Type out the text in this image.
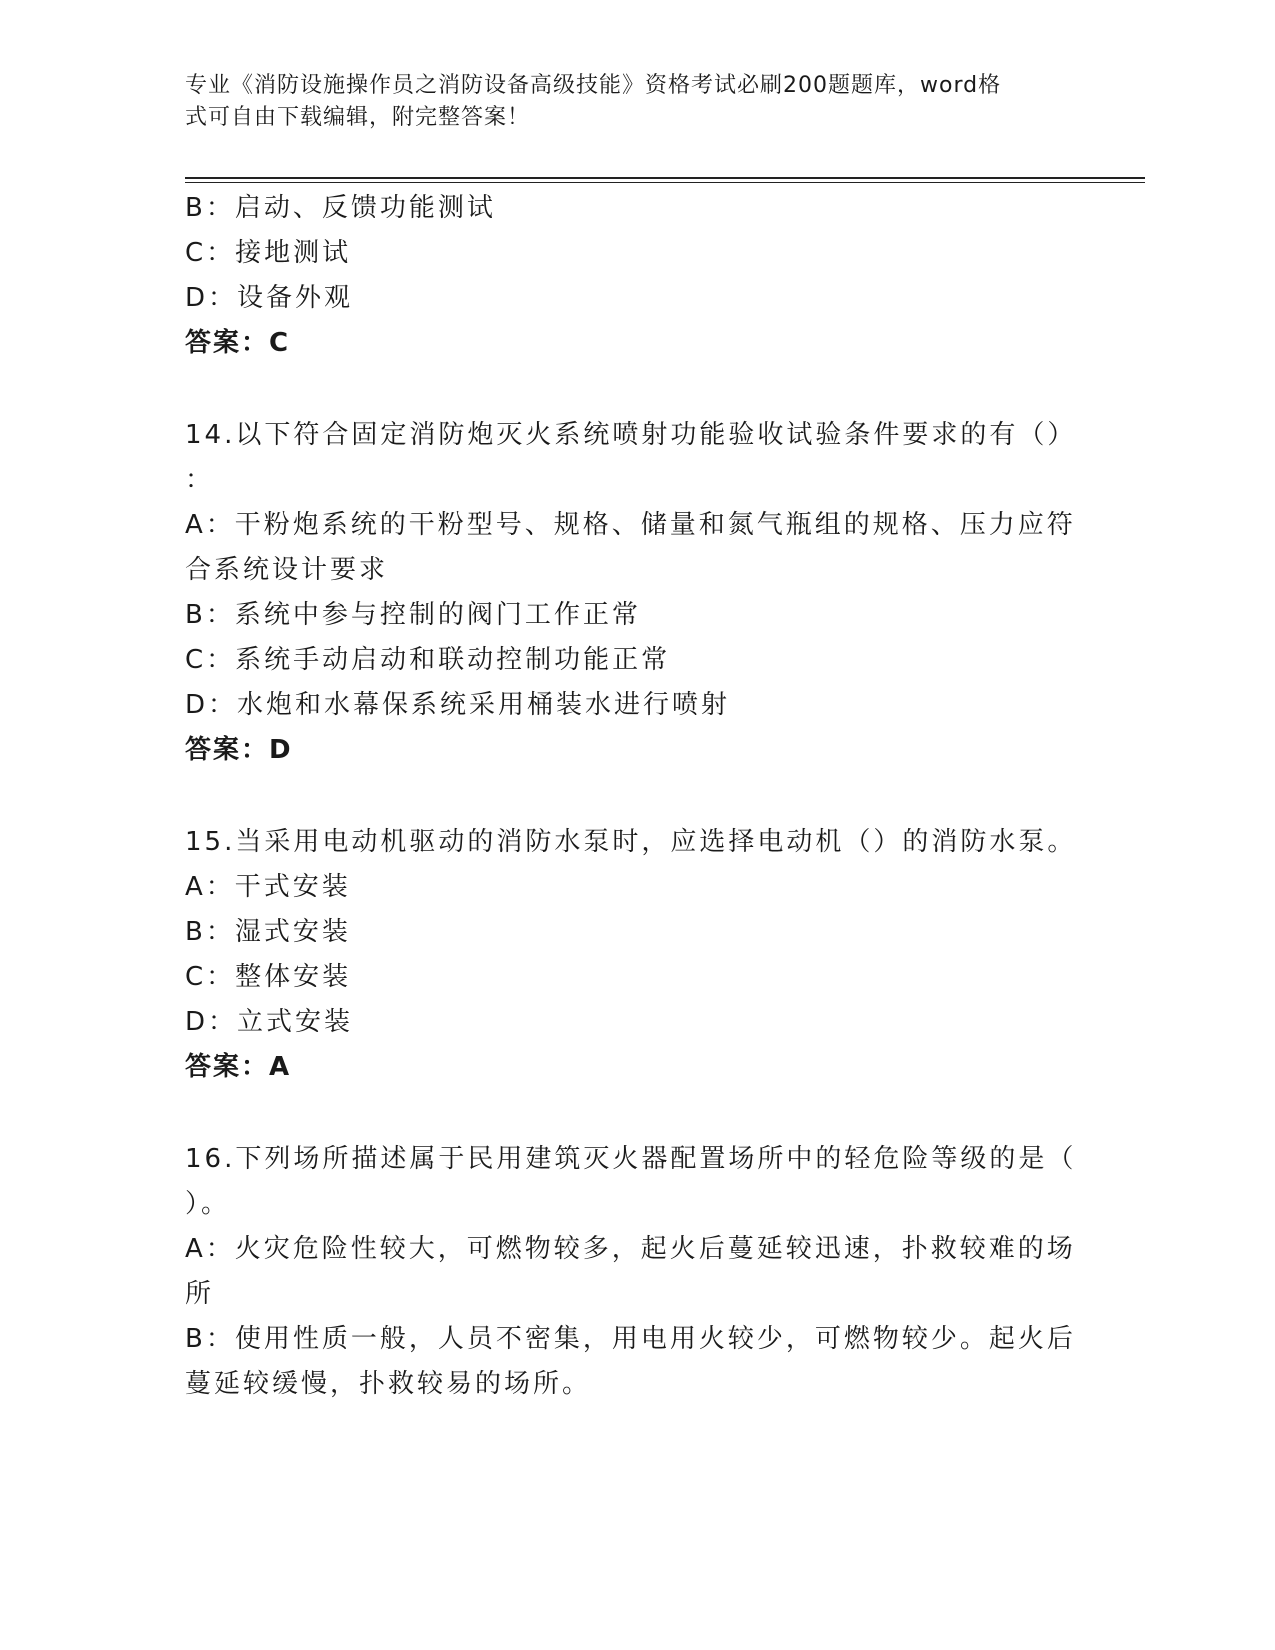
专业《消防设施操作员之消防设备高级技能》资格考试必刷200题题库，word格
式可自由下载编辑，附完整答案！

B：启动、反馈功能测试

C：接地测试

D：设备外观

答案：C

14.以下符合固定消防炮灭火系统喷射功能验收试验条件要求的有（）

：

A：干粉炮系统的干粉型号、规格、储量和氮气瓶组的规格、压力应符

合系统设计要求

B：系统中参与控制的阀门工作正常

C：系统手动启动和联动控制功能正常

D：水炮和水幕保系统采用桶装水进行喷射

答案：D

15.当采用电动机驱动的消防水泵时，应选择电动机（）的消防水泵。

A：干式安装

B：湿式安装

C：整体安装

D：立式安装

答案：A

16.下列场所描述属于民用建筑灭火器配置场所中的轻危险等级的是（

）。

A：火灾危险性较大，可燃物较多，起火后蔓延较迅速，扑救较难的场

所

B：使用性质一般，人员不密集，用电用火较少，可燃物较少。起火后

蔓延较缓慢，扑救较易的场所。
